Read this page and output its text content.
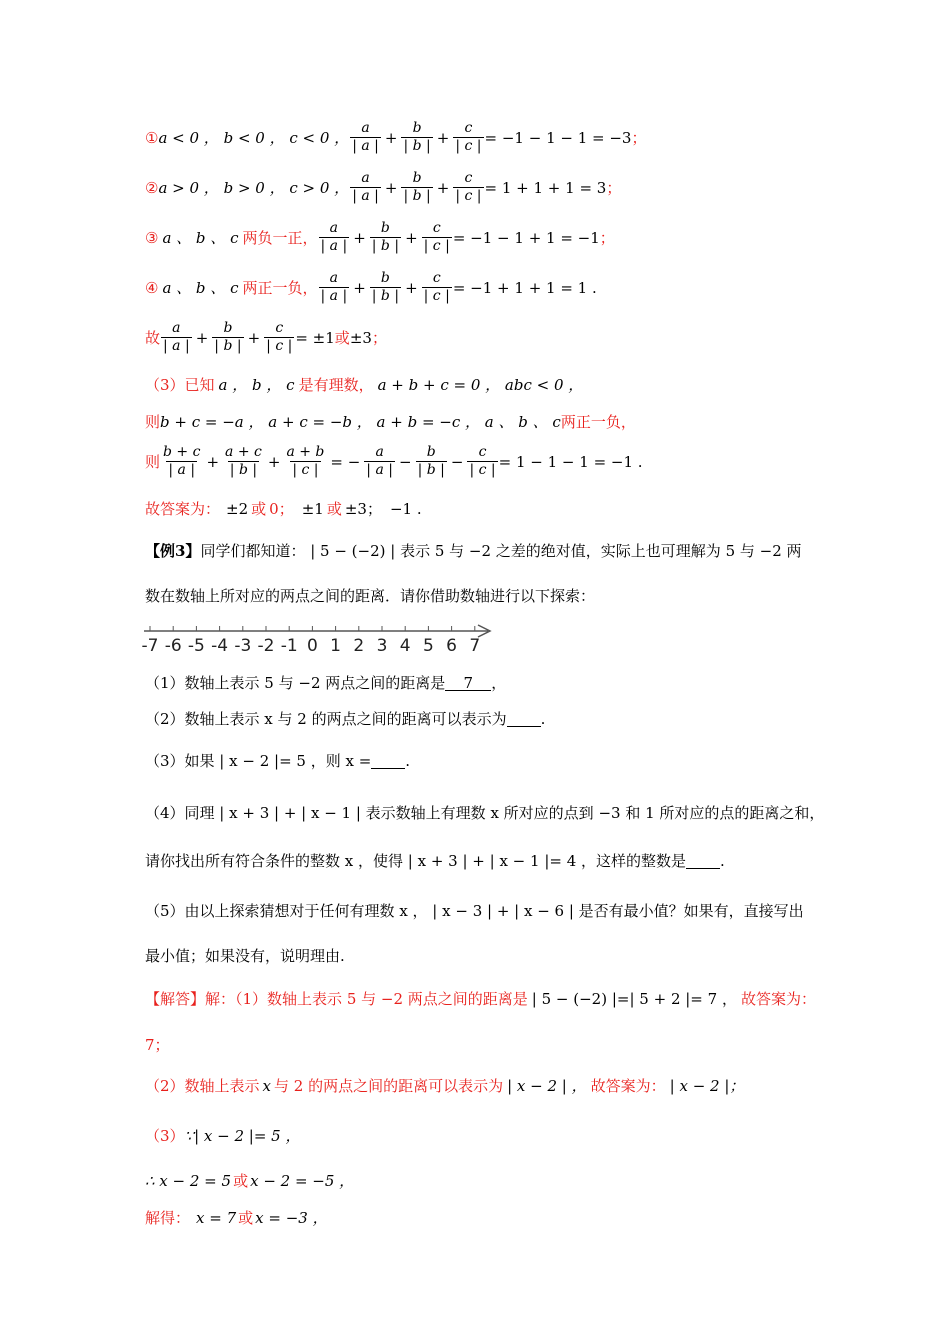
① a < 0 ， b < 0 ， c < 0 ， $\frac{a}{| a |} + \frac{b}{| b |} + \frac{c}{| c |} = -1 - 1 - 1 = -3$ ；
② a > 0 ， b > 0 ， c > 0 ， $\frac{a}{| a |} + \frac{b}{| b |} + \frac{c}{| c |} = 1 + 1 + 1 = 3$ ；
③ a 、 b 、 c 两负一正， $\frac{a}{| a |} + \frac{b}{| b |} + \frac{c}{| c |} = -1 - 1 + 1 = -1$ ；
④ a 、 b 、 c 两正一负， $\frac{a}{| a |} + \frac{b}{| b |} + \frac{c}{| c |} = -1 + 1 + 1 = 1$ .
故 $\frac{a}{| a |} + \frac{b}{| b |} + \frac{c}{| c |} = \pm 1$ 或 ±3 ；
（3）已知 a ， b ， c 是有理数， a + b + c = 0 ， abc < 0 ，
则 b + c = −a ， a + c = −b ， a + b = −c ， a 、 b 、 c 两正一负，
则 $\frac{b + c}{| a |} + \frac{a + c}{| b |} + \frac{a + b}{| c |}$ = − $\frac{a}{| a |} - \frac{b}{| b |} - \frac{c}{| c |} = 1 - 1 - 1 = -1$ .
故答案为： ±2 或 0； ±1 或 ±3； −1 .
【例3】 同学们都知道： | 5 − (−2) | 表示 5 与 −2 之差的绝对值，实际上也可理解为 5 与 −2 两
数在数轴上所对应的两点之间的距离．请你借助数轴进行以下探索：
-7 -6 -5 -4 -3 -2 -1 0 1 2 3 4 5 6 7
（1）数轴上表示 5 与 −2 两点之间的距离是	7	，
（2）数轴上表示 x 与 2 的两点之间的距离可以表示为 .
（3）如果 | x − 2 |= 5 ，则 x = .
（4）同理 | x + 3 | + | x − 1 | 表示数轴上有理数 x 所对应的点到 −3 和 1 所对应的点的距离之和，
请你找出所有符合条件的整数 x ，使得 | x + 3 | + | x − 1 |= 4 ，这样的整数是 .
（5）由以上探索猜想对于任何有理数 x ， | x − 3 | + | x − 6 | 是否有最小值？如果有，直接写出
最小值；如果没有，说明理由.
【解答】 解：（1）数轴上表示 5 与 −2 两点之间的距离是 | 5 − (−2) |=| 5 + 2 |= 7 ， 故答案为：
7；
（2）数轴上表示 x 与 2 的两点之间的距离可以表示为 | x − 2 | ， 故答案为： | x − 2 |；
（3） ∵| x − 2 |= 5 ，
∴ x − 2 = 5 或 x − 2 = −5 ，
解得： x = 7 或 x = −3 ，
